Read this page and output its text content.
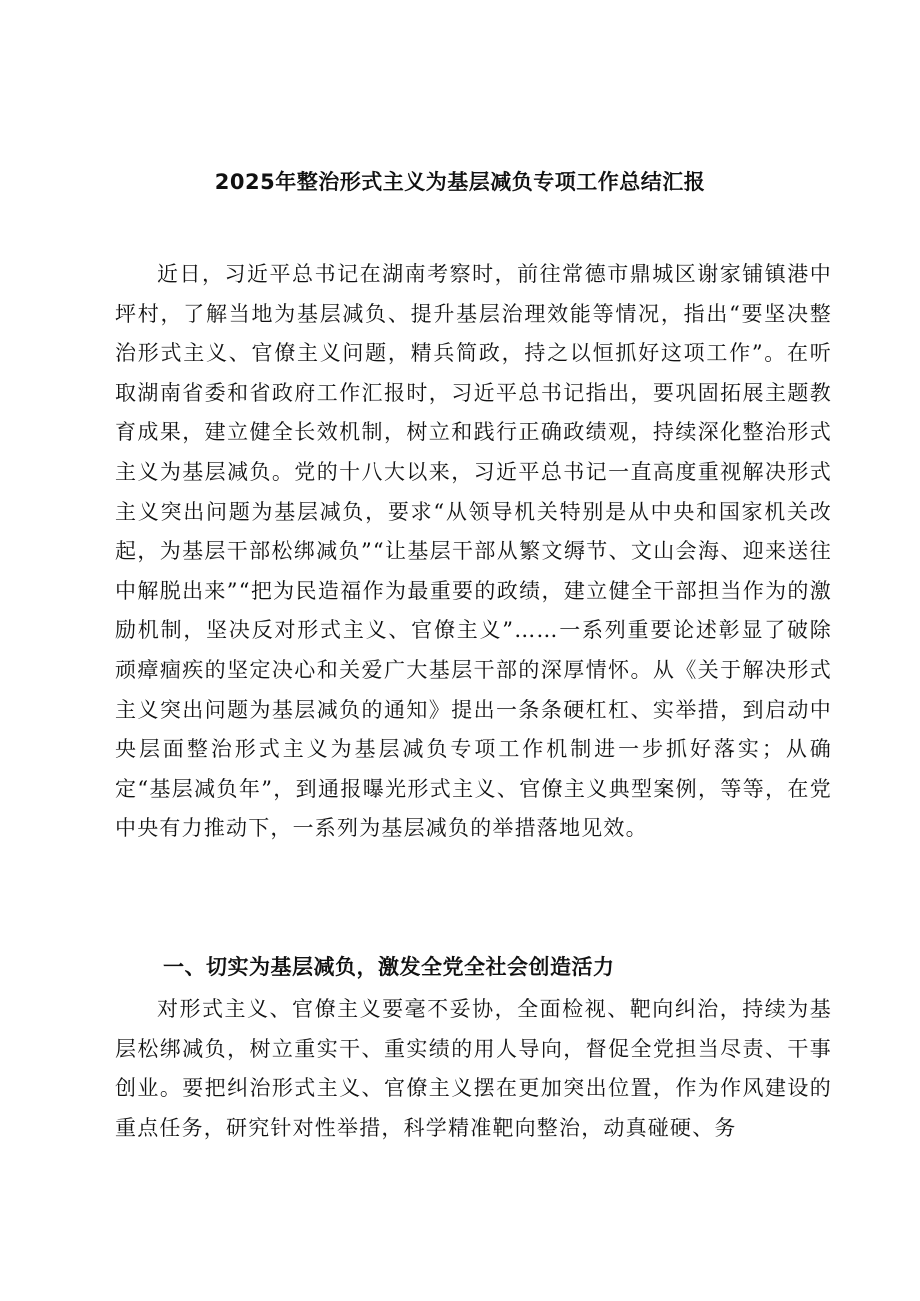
2025年整治形式主义为基层减负专项工作总结汇报

近日，习近平总书记在湖南考察时，前往常德市鼎城区谢家铺镇港中坪村，了解当地为基层减负、提升基层治理效能等情况，指出“要坚决整治形式主义、官僚主义问题，精兵简政，持之以恒抓好这项工作”。在听取湖南省委和省政府工作汇报时，习近平总书记指出，要巩固拓展主题教育成果，建立健全长效机制，树立和践行正确政绩观，持续深化整治形式主义为基层减负。党的十八大以来，习近平总书记一直高度重视解决形式主义突出问题为基层减负，要求“从领导机关特别是从中央和国家机关改起，为基层干部松绑减负”“让基层干部从繁文缛节、文山会海、迎来送往中解脱出来”“把为民造福作为最重要的政绩，建立健全干部担当作为的激励机制，坚决反对形式主义、官僚主义”……一系列重要论述彰显了破除顽瘴痼疾的坚定决心和关爱广大基层干部的深厚情怀。从《关于解决形式主义突出问题为基层减负的通知》提出一条条硬杠杠、实举措，到启动中央层面整治形式主义为基层减负专项工作机制进一步抓好落实；从确定“基层减负年”，到通报曝光形式主义、官僚主义典型案例，等等，在党中央有力推动下，一系列为基层减负的举措落地见效。

一、切实为基层减负，激发全党全社会创造活力

对形式主义、官僚主义要毫不妥协，全面检视、靶向纠治，持续为基层松绑减负，树立重实干、重实绩的用人导向，督促全党担当尽责、干事创业。要把纠治形式主义、官僚主义摆在更加突出位置，作为作风建设的重点任务，研究针对性举措，科学精准靶向整治，动真碰硬、务
